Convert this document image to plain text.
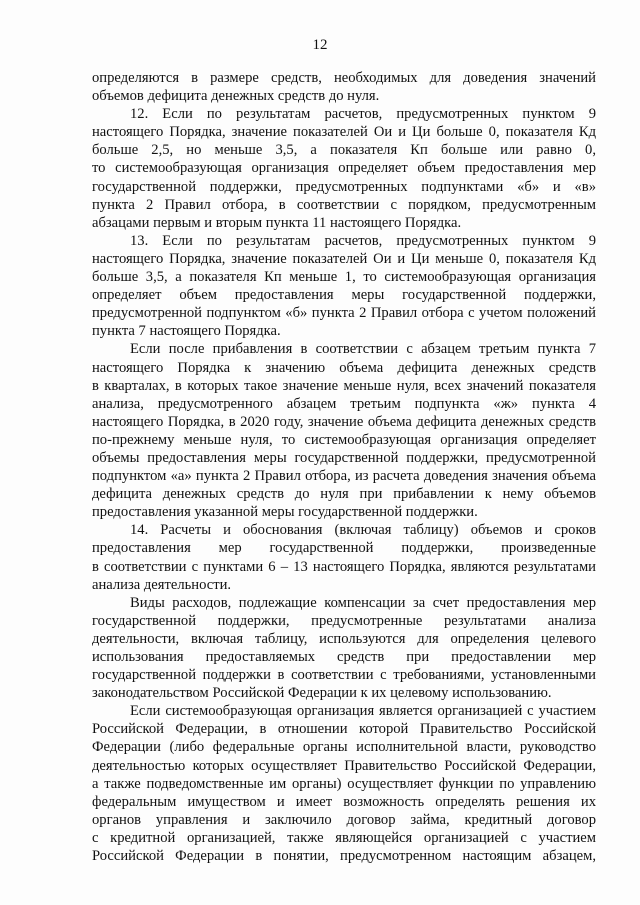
12
определяются в размере средств, необходимых для доведения значений
объемов дефицита денежных средств до нуля.
12. Если по результатам расчетов, предусмотренных пунктом 9
настоящего Порядка, значение показателей Ои и Ци больше 0, показателя Кд
больше 2,5, но меньше 3,5, а показателя Кп больше или равно 0,
то системообразующая организация определяет объем предоставления мер
государственной поддержки, предусмотренных подпунктами «б» и «в»
пункта 2 Правил отбора, в соответствии с порядком, предусмотренным
абзацами первым и вторым пункта 11 настоящего Порядка.
13. Если по результатам расчетов, предусмотренных пунктом 9
настоящего Порядка, значение показателей Ои и Ци меньше 0, показателя Кд
больше 3,5, а показателя Кп меньше 1, то системообразующая организация
определяет объем предоставления меры государственной поддержки,
предусмотренной подпунктом «б» пункта 2 Правил отбора с учетом положений
пункта 7 настоящего Порядка.
Если после прибавления в соответствии с абзацем третьим пункта 7
настоящего Порядка к значению объема дефицита денежных средств
в кварталах, в которых такое значение меньше нуля, всех значений показателя
анализа, предусмотренного абзацем третьим подпункта «ж» пункта 4
настоящего Порядка, в 2020 году, значение объема дефицита денежных средств
по-прежнему меньше нуля, то системообразующая организация определяет
объемы предоставления меры государственной поддержки, предусмотренной
подпунктом «а» пункта 2 Правил отбора, из расчета доведения значения объема
дефицита денежных средств до нуля при прибавлении к нему объемов
предоставления указанной меры государственной поддержки.
14. Расчеты и обоснования (включая таблицу) объемов и сроков
предоставления мер государственной поддержки, произведенные
в соответствии с пунктами 6 – 13 настоящего Порядка, являются результатами
анализа деятельности.
Виды расходов, подлежащие компенсации за счет предоставления мер
государственной поддержки, предусмотренные результатами анализа
деятельности, включая таблицу, используются для определения целевого
использования предоставляемых средств при предоставлении мер
государственной поддержки в соответствии с требованиями, установленными
законодательством Российской Федерации к их целевому использованию.
Если системообразующая организация является организацией с участием
Российской Федерации, в отношении которой Правительство Российской
Федерации (либо федеральные органы исполнительной власти, руководство
деятельностью которых осуществляет Правительство Российской Федерации,
а также подведомственные им органы) осуществляет функции по управлению
федеральным имуществом и имеет возможность определять решения их
органов управления и заключило договор займа, кредитный договор
с кредитной организацией, также являющейся организацией с участием
Российской Федерации в понятии, предусмотренном настоящим абзацем,
